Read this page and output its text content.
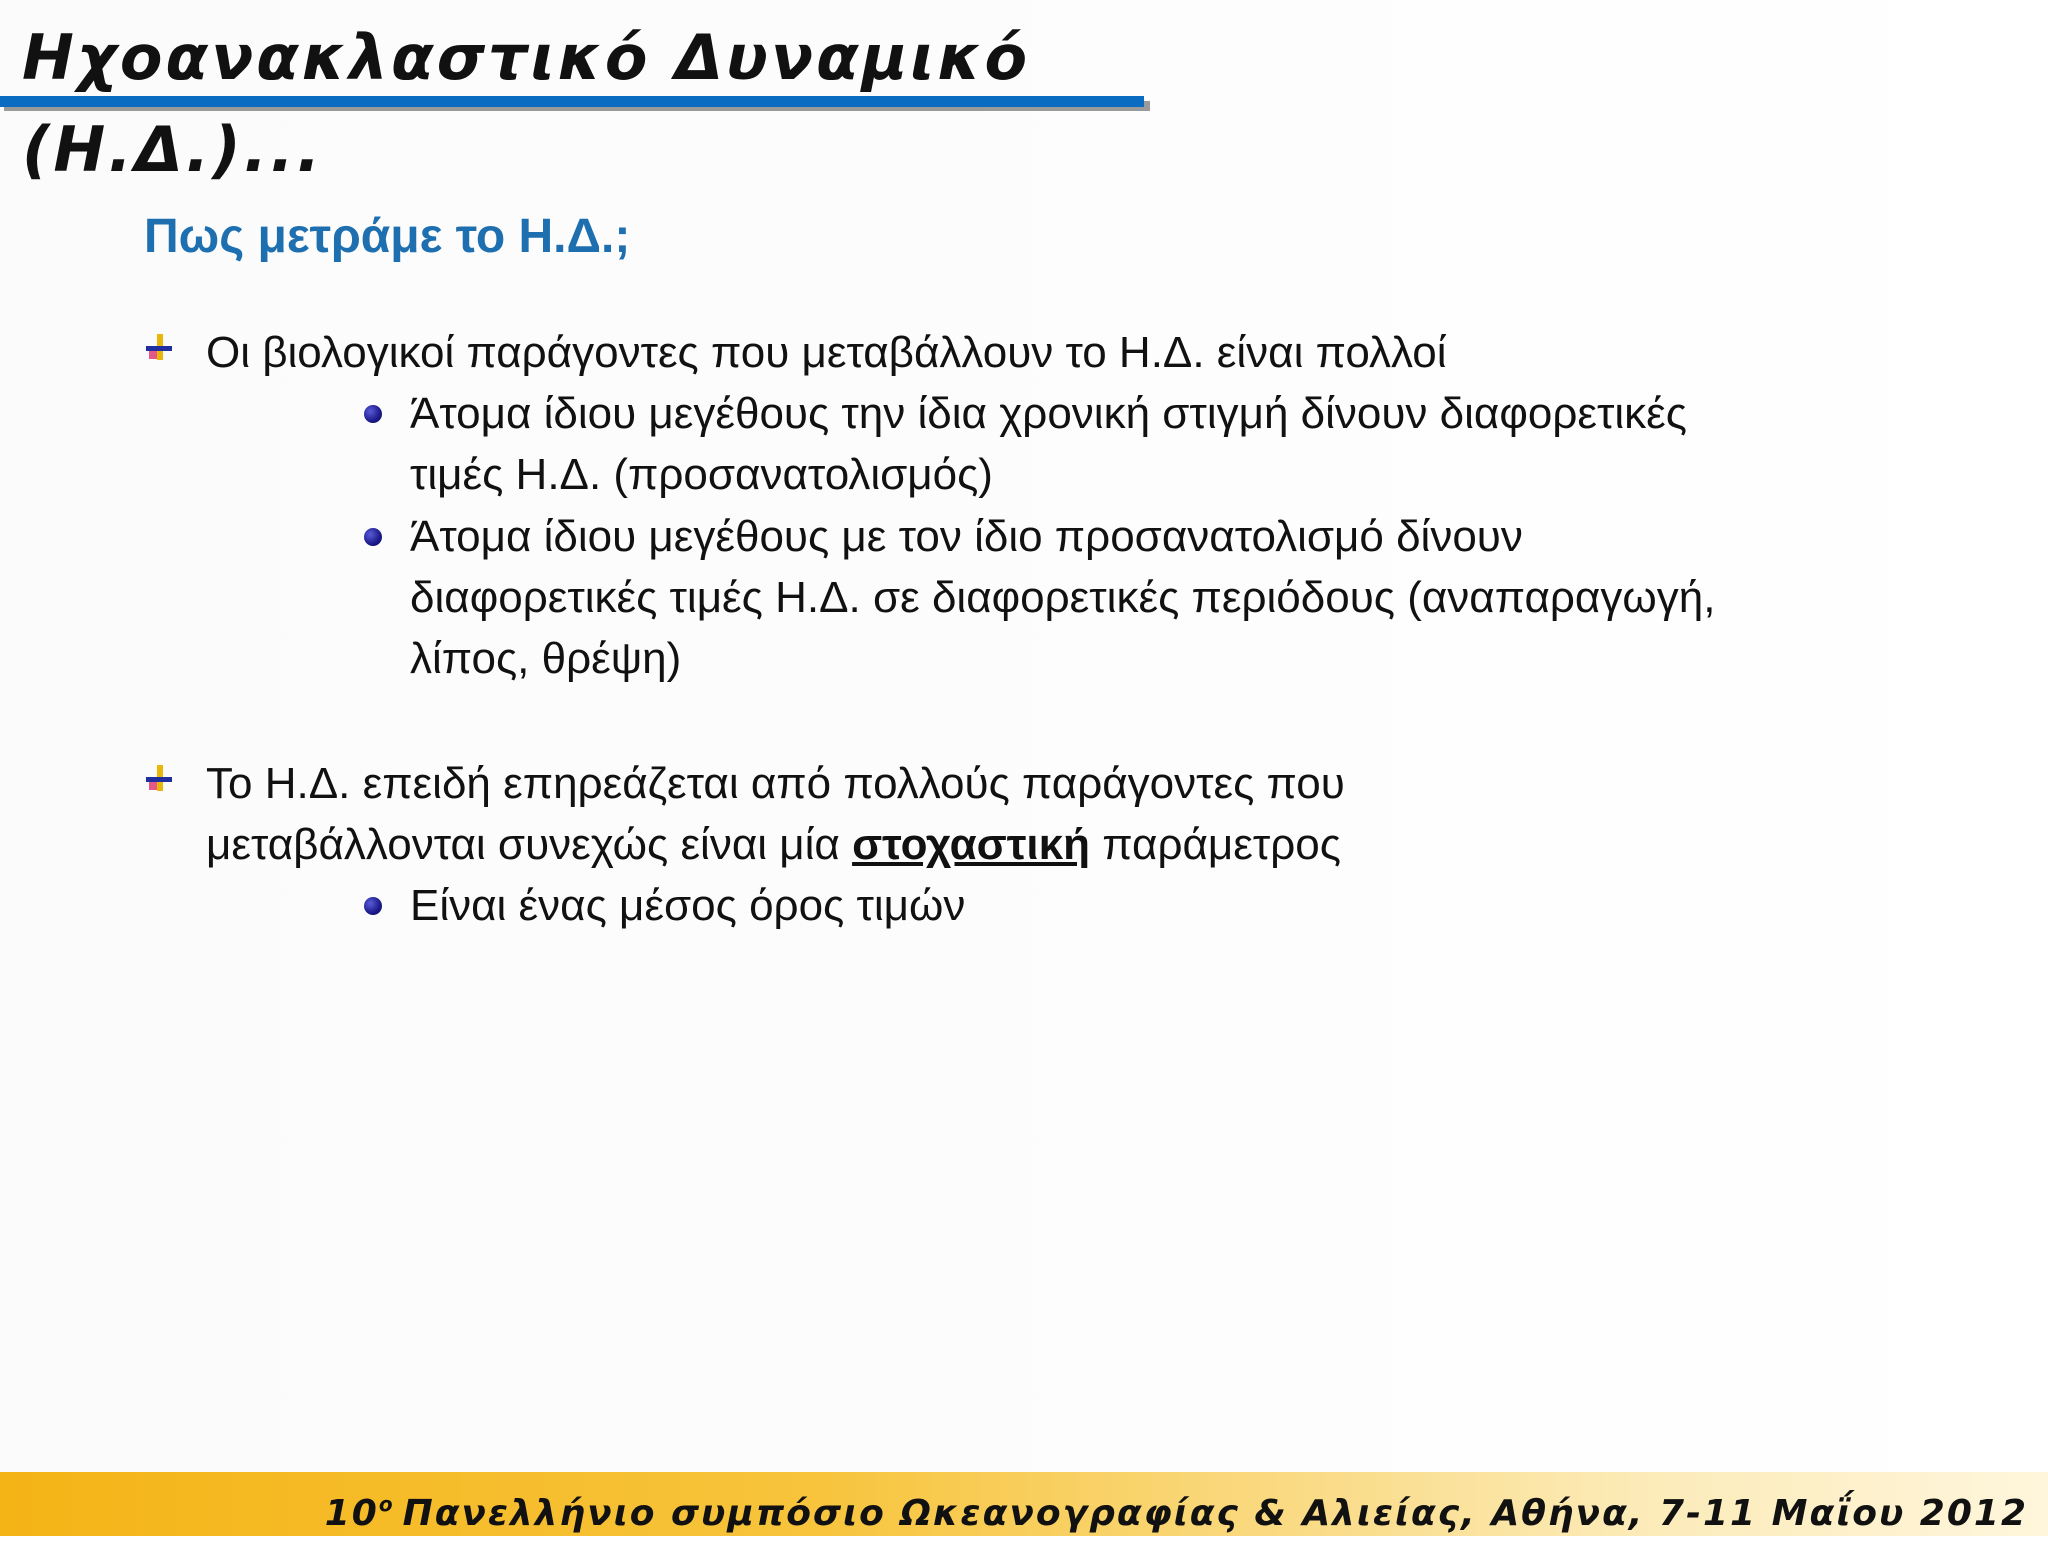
Ηχοανακλαστικό Δυναμικό (Η.Δ.)...
Πως μετράμε το Η.Δ.;
Οι βιολογικοί παράγοντες που μεταβάλλουν το Η.Δ. είναι πολλοί
Άτομα ίδιου μεγέθους την ίδια χρονική στιγμή δίνουν διαφορετικές τιμές Η.Δ. (προσανατολισμός)
Άτομα ίδιου μεγέθους με τον ίδιο προσανατολισμό δίνουν διαφορετικές τιμές Η.Δ. σε διαφορετικές περιόδους (αναπαραγωγή, λίπος, θρέψη)
Το Η.Δ. επειδή επηρεάζεται από πολλούς παράγοντες που μεταβάλλονται συνεχώς είναι μία στοχαστική παράμετρος
Είναι ένας μέσος όρος τιμών
$10^o$ Πανελλήνιο συμπόσιο Ωκεανογραφίας & Αλιείας, Αθήνα, 7-11 Μαΐου 2012
